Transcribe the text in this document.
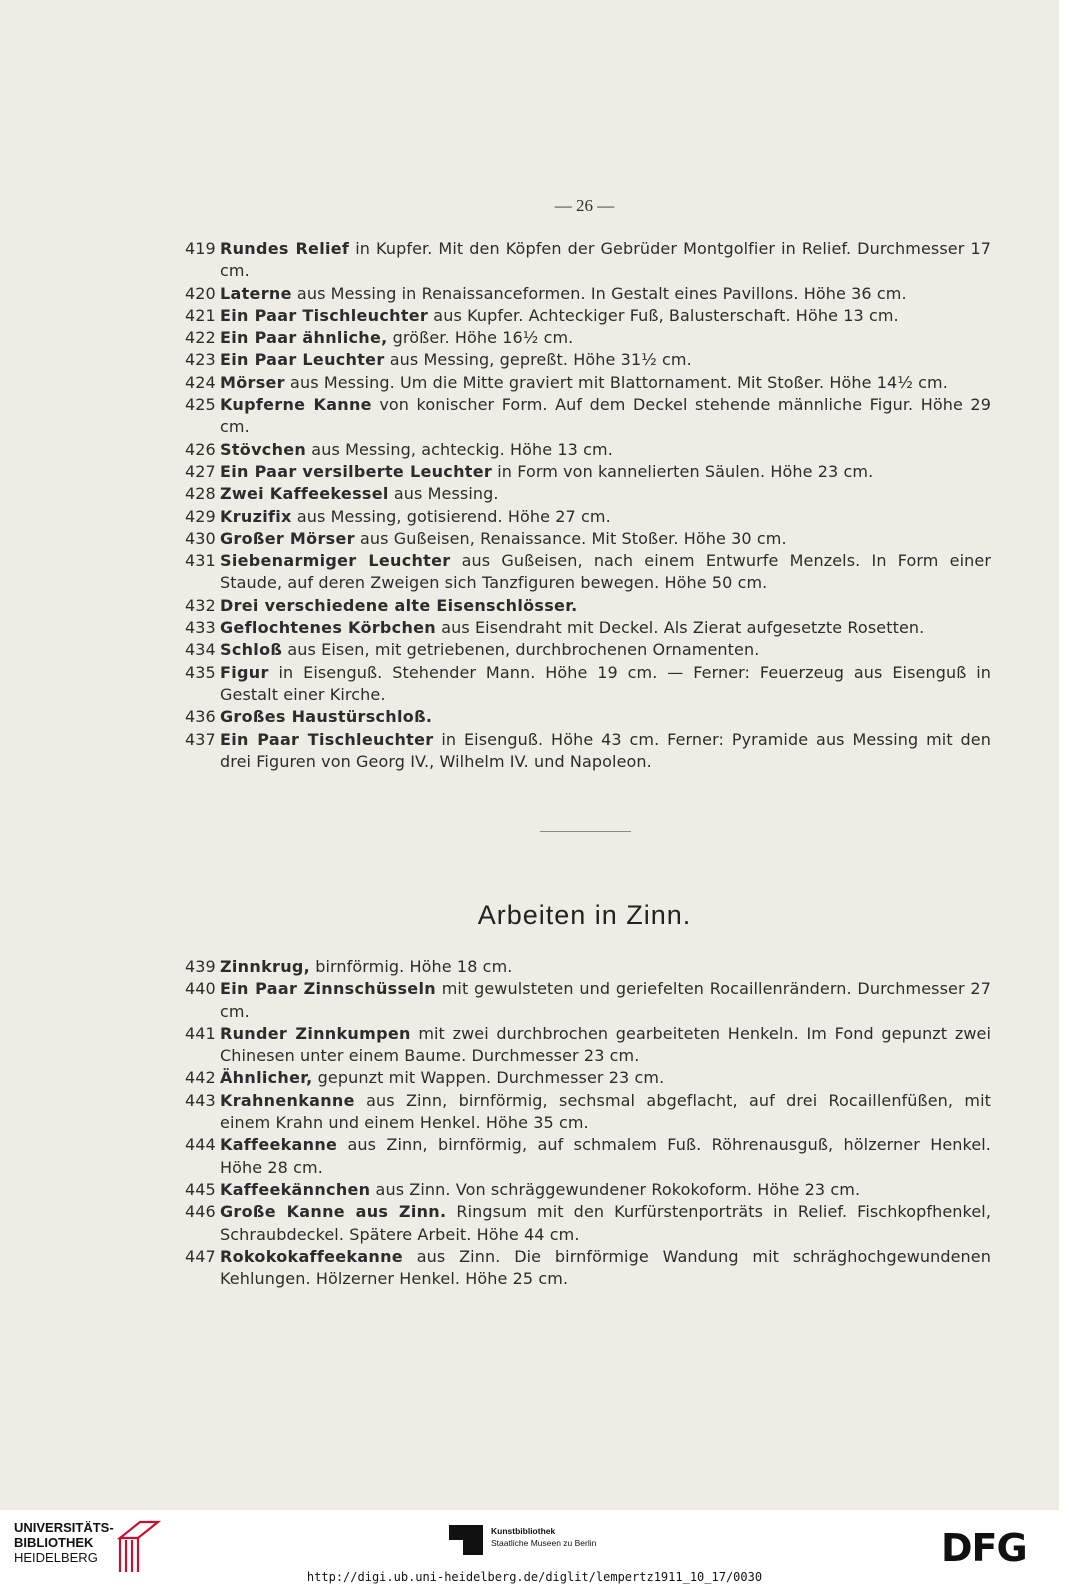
— 26 —
419 Rundes Relief in Kupfer. Mit den Köpfen der Gebrüder Montgolfier in Relief. Durchmesser 17 cm.
420 Laterne aus Messing in Renaissanceformen. In Gestalt eines Pavillons. Höhe 36 cm.
421 Ein Paar Tischleuchter aus Kupfer. Achteckiger Fuß, Balusterschaft. Höhe 13 cm.
422 Ein Paar ähnliche, größer. Höhe 16½ cm.
423 Ein Paar Leuchter aus Messing, gepreßt. Höhe 31½ cm.
424 Mörser aus Messing. Um die Mitte graviert mit Blattornament. Mit Stoßer. Höhe 14½ cm.
425 Kupferne Kanne von konischer Form. Auf dem Deckel stehende männliche Figur. Höhe 29 cm.
426 Stövchen aus Messing, achteckig. Höhe 13 cm.
427 Ein Paar versilberte Leuchter in Form von kannelierten Säulen. Höhe 23 cm.
428 Zwei Kaffeekessel aus Messing.
429 Kruzifix aus Messing, gotisierend. Höhe 27 cm.
430 Großer Mörser aus Gußeisen, Renaissance. Mit Stoßer. Höhe 30 cm.
431 Siebenarmiger Leuchter aus Gußeisen, nach einem Entwurfe Menzels. In Form einer Staude, auf deren Zweigen sich Tanzfiguren bewegen. Höhe 50 cm.
432 Drei verschiedene alte Eisenschlösser.
433 Geflochtenes Körbchen aus Eisendraht mit Deckel. Als Zierat aufgesetzte Rosetten.
434 Schloß aus Eisen, mit getriebenen, durchbrochenen Ornamenten.
435 Figur in Eisenguß. Stehender Mann. Höhe 19 cm. — Ferner: Feuerzeug aus Eisenguß in Gestalt einer Kirche.
436 Großes Haustürschloß.
437 Ein Paar Tischleuchter in Eisenguß. Höhe 43 cm. Ferner: Pyramide aus Messing mit den drei Figuren von Georg IV., Wilhelm IV. und Napoleon.
Arbeiten in Zinn.
439 Zinnkrug, birnförmig. Höhe 18 cm.
440 Ein Paar Zinnschüsseln mit gewulsteten und geriefelten Rocaillenrändern. Durchmesser 27 cm.
441 Runder Zinnkumpen mit zwei durchbrochen gearbeiteten Henkeln. Im Fond gepunzt zwei Chinesen unter einem Baume. Durchmesser 23 cm.
442 Ähnlicher, gepunzt mit Wappen. Durchmesser 23 cm.
443 Krahnenkanne aus Zinn, birnförmig, sechsmal abgeflacht, auf drei Rocaillenfüßen, mit einem Krahn und einem Henkel. Höhe 35 cm.
444 Kaffeekanne aus Zinn, birnförmig, auf schmalem Fuß. Röhrenausguß, hölzerner Henkel. Höhe 28 cm.
445 Kaffeekännchen aus Zinn. Von schräggewundener Rokokoform. Höhe 23 cm.
446 Große Kanne aus Zinn. Ringsum mit den Kurfürstenporträts in Relief. Fischkopfhenkel, Schraubdeckel. Spätere Arbeit. Höhe 44 cm.
447 Rokokokaffeekanne aus Zinn. Die birnförmige Wandung mit schräghochgewundenen Kehlungen. Hölzerner Henkel. Höhe 25 cm.
UNIVERSITÄTS-
BIBLIOTHEK
HEIDELBERG
Kunstbibliothek
Staatliche Museen zu Berlin	DFG
http://digi.ub.uni-heidelberg.de/diglit/lempertz1911_10_17/0030
